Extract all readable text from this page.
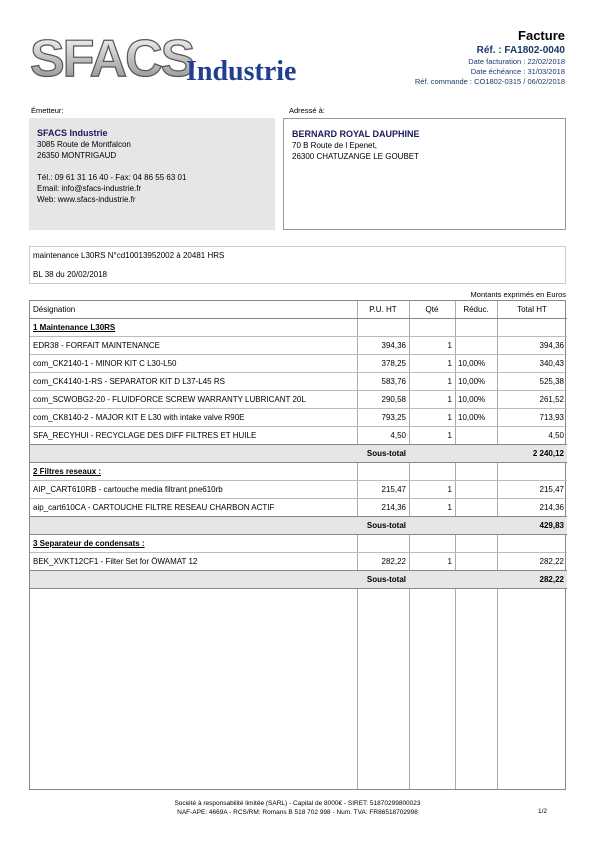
SFACS
Industrie
Facture
Réf. : FA1802-0040
Date facturation : 22/02/2018
Date échéance : 31/03/2018
Réf. commande : CO1802-0315 / 06/02/2018
Émetteur:	Adressé à:
SFACS Industrie
3085 Route de Montfalcon
26350 MONTRIGAUD
Tél.: 09 61 31 16 40 - Fax: 04 86 55 63 01
Email: info@sfacs-industrie.fr
Web: www.sfacs-industrie.fr
BERNARD ROYAL DAUPHINE
70 B Route de l Epenet,
26300 CHATUZANGE LE GOUBET
maintenance L30RS N°cd10013952002 à 20481 HRS
BL 38 du 20/02/2018
Montants exprimés en Euros
Désignation	P.U. HT	Qté	Réduc.	Total HT
1 Maintenance L30RS				
EDR38 - FORFAIT MAINTENANCE	394,36	1		394,36
com_CK2140-1 - MINOR KIT C L30-L50	378,25	1	10,00%	340,43
com_CK4140-1-RS - SEPARATOR KIT D L37-L45 RS	583,76	1	10,00%	525,38
com_SCWOBG2-20 - FLUIDFORCE SCREW WARRANTY LUBRICANT 20L	290,58	1	10,00%	261,52
com_CK8140-2 - MAJOR KIT E L30 with intake valve R90E	793,25	1	10,00%	713,93
SFA_RECYHUI - RECYCLAGE DES DIFF FILTRES ET HUILE	4,50	1		4,50
Sous-total				2 240,12
2 Filtres reseaux :				
AIP_CART610RB - cartouche media filtrant pne610rb	215,47	1		215,47
aip_cart610CA - CARTOUCHE FILTRE RESEAU CHARBON ACTIF	214,36	1		214,36
Sous-total				429,83
3 Separateur de condensats :				
BEK_XVKT12CF1 - Filter Set for ÖWAMAT 12	282,22	1		282,22
Sous-total				282,22
Société à responsabilité limitée (SARL) - Capital de 8000€ - SIRET: 51870299800023
NAF-APE: 4669A - RCS/RM: Romans B 518 702 998 - Num. TVA: FR86518702998	1/2
